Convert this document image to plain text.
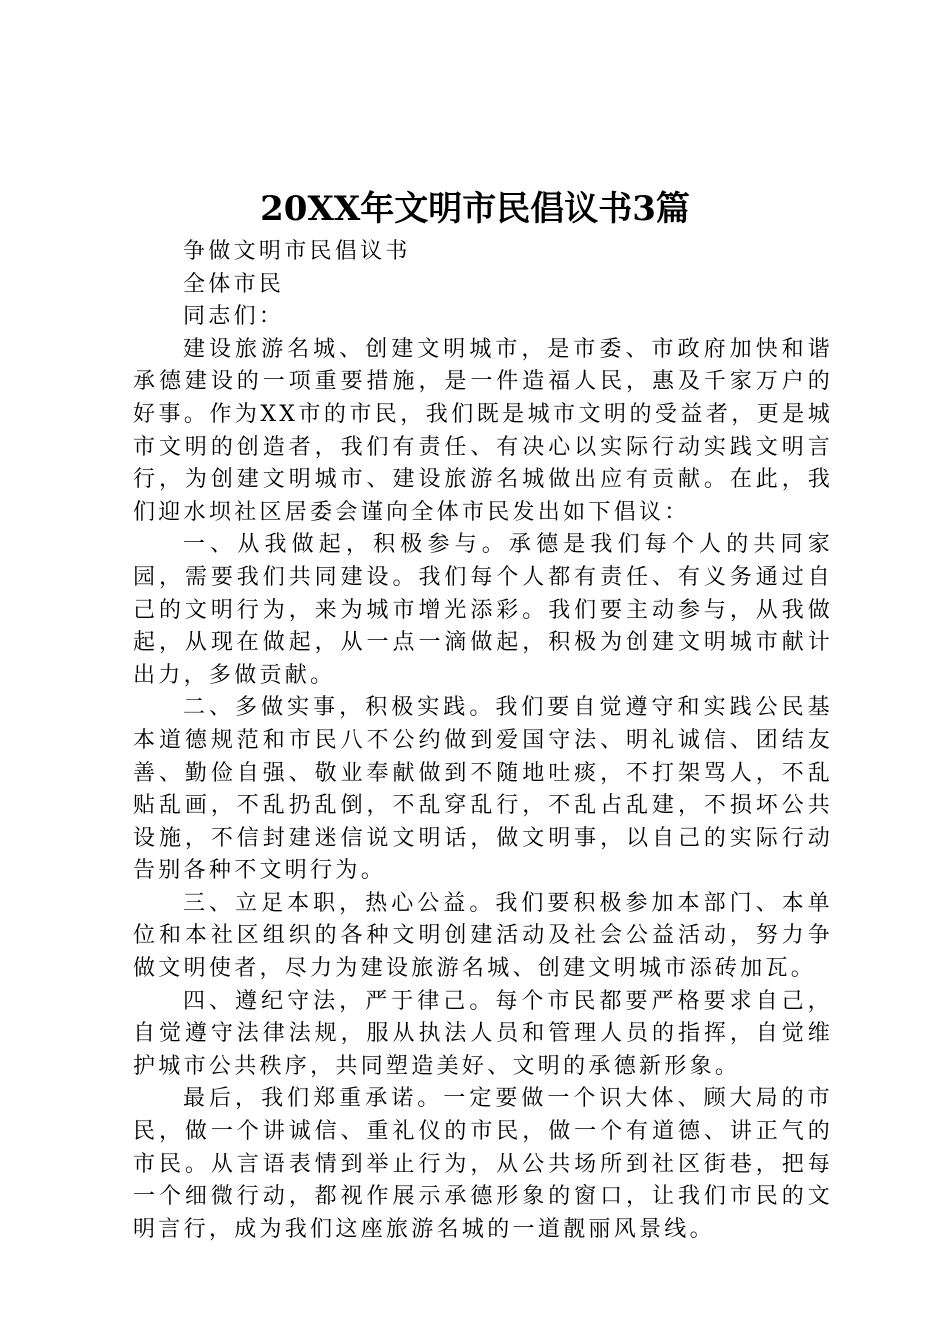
20XX年文明市民倡议书3篇

争做文明市民倡议书

全体市民

同志们：

建设旅游名城、创建文明城市，是市委、市政府加快和谐承德建设的一项重要措施，是一件造福人民，惠及千家万户的好事。作为XX市的市民，我们既是城市文明的受益者，更是城市文明的创造者，我们有责任、有决心以实际行动实践文明言行，为创建文明城市、建设旅游名城做出应有贡献。在此，我们迎水坝社区居委会谨向全体市民发出如下倡议：

一、从我做起，积极参与。承德是我们每个人的共同家园，需要我们共同建设。我们每个人都有责任、有义务通过自己的文明行为，来为城市增光添彩。我们要主动参与，从我做起，从现在做起，从一点一滴做起，积极为创建文明城市献计出力，多做贡献。

二、多做实事，积极实践。我们要自觉遵守和实践公民基本道德规范和市民八不公约做到爱国守法、明礼诚信、团结友善、勤俭自强、敬业奉献做到不随地吐痰，不打架骂人，不乱贴乱画，不乱扔乱倒，不乱穿乱行，不乱占乱建，不损坏公共设施，不信封建迷信说文明话，做文明事，以自己的实际行动告别各种不文明行为。

三、立足本职，热心公益。我们要积极参加本部门、本单位和本社区组织的各种文明创建活动及社会公益活动，努力争做文明使者，尽力为建设旅游名城、创建文明城市添砖加瓦。

四、遵纪守法，严于律己。每个市民都要严格要求自己，自觉遵守法律法规，服从执法人员和管理人员的指挥，自觉维护城市公共秩序，共同塑造美好、文明的承德新形象。

最后，我们郑重承诺。一定要做一个识大体、顾大局的市民，做一个讲诚信、重礼仪的市民，做一个有道德、讲正气的市民。从言语表情到举止行为，从公共场所到社区街巷，把每一个细微行动，都视作展示承德形象的窗口，让我们市民的文明言行，成为我们这座旅游名城的一道靓丽风景线。
